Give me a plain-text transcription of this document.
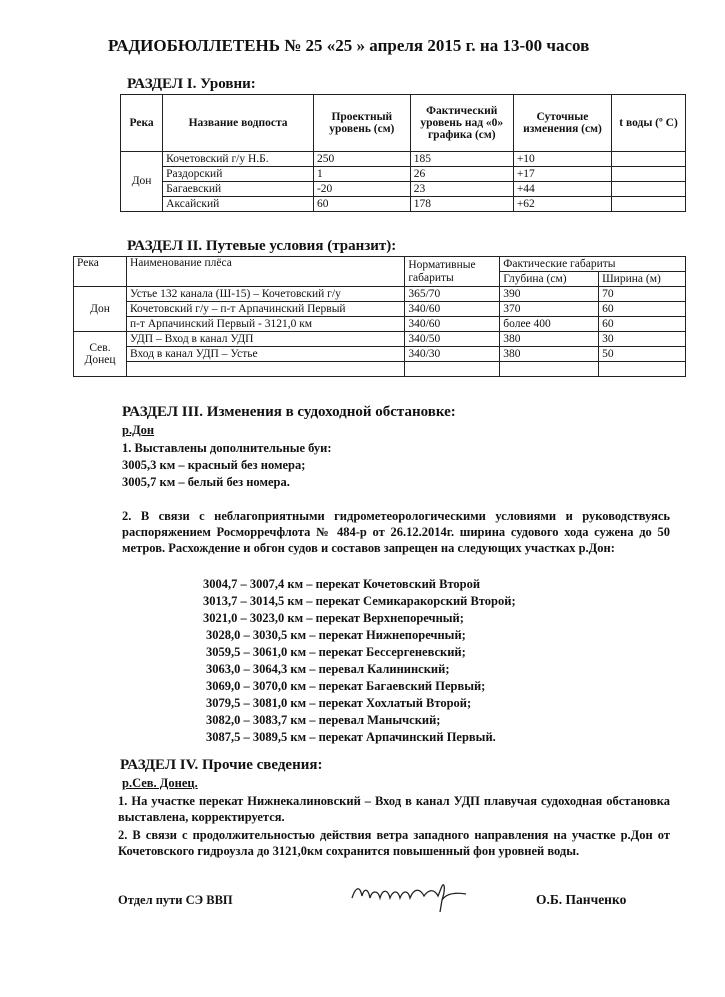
РАДИОБЮЛЛЕТЕНЬ № 25 «25 » апреля 2015 г. на 13-00 часов
РАЗДЕЛ I. Уровни:
Река	Название водпоста	Проектный уровень (см)	Фактический уровень над «0» графика (см)	Суточные изменения (см)	t воды (º С)
Дон	Кочетовский г/у Н.Б.	250	185	+10	
	Раздорский	1	26	+17	
	Багаевский	-20	23	+44	
	Аксайский	60	178	+62	
РАЗДЕЛ II. Путевые условия (транзит):
Река	Наименование плёса	Нормативные габариты	Фактические габариты	
			Глубина (см)	Ширина (м)
Дон	Устье 132 канала (Ш-15) – Кочетовский г/у	365/70	390	70
	Кочетовский г/у – п-т Арпачинский Первый	340/60	370	60
	п-т Арпачинский Первый - 3121,0 км	340/60	более 400	60
Сев. Донец	УДП – Вход в канал УДП	340/50	380	30
	Вход в канал УДП – Устье	340/30	380	50

РАЗДЕЛ III. Изменения в судоходной обстановке:
р.Дон
1. Выставлены дополнительные буи:
3005,3 км – красный без номера;
3005,7 км – белый без номера.
2. В связи с неблагоприятными гидрометеорологическими условиями и руководствуясь распоряжением Росморречфлота № 484-р от 26.12.2014г. ширина судового хода сужена до 50 метров. Расхождение и обгон судов и составов запрещен на следующих участках р.Дон:
3004,7 – 3007,4 км – перекат Кочетовский Второй
3013,7 – 3014,5 км – перекат Семикаракорский Второй;
3021,0 – 3023,0 км – перекат Верхнепоречный;
3028,0 – 3030,5 км – перекат Нижнепоречный;
3059,5 – 3061,0 км – перекат Бессергеневский;
3063,0 – 3064,3 км – перевал Калининский;
3069,0 – 3070,0 км – перекат Багаевский Первый;
3079,5 – 3081,0 км – перекат Хохлатый Второй;
3082,0 – 3083,7 км – перевал Манычский;
3087,5 – 3089,5 км – перекат Арпачинский Первый.
РАЗДЕЛ IV. Прочие сведения:
р.Сев. Донец.
1. На участке перекат Нижнекалиновский – Вход в канал УДП плавучая судоходная обстановка выставлена, корректируется.
2. В связи с продолжительностью действия ветра западного направления на участке р.Дон от Кочетовского гидроузла до 3121,0км сохранится повышенный фон уровней воды.
Отдел пути СЭ ВВП	О.Б. Панченко
